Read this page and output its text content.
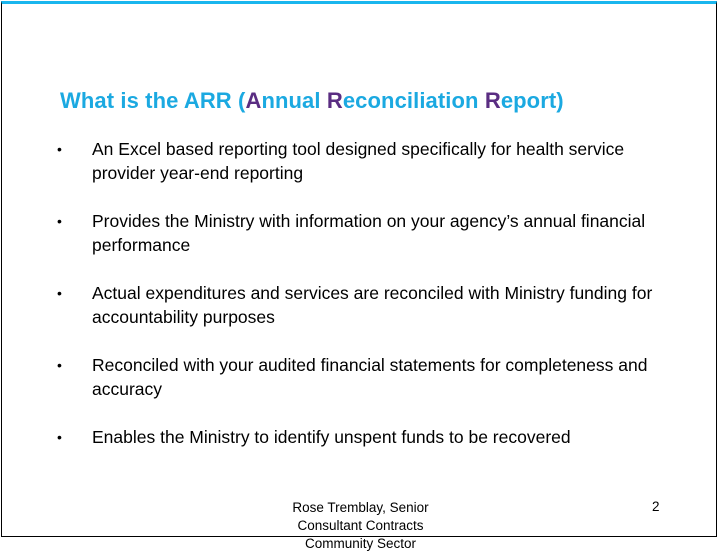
What is the ARR (Annual Reconciliation Report)
• An Excel based reporting tool designed specifically for health service provider year-end reporting
• Provides the Ministry with information on your agency’s annual financial performance
• Actual expenditures and services are reconciled with Ministry funding for accountability purposes
• Reconciled with your audited financial statements for completeness and accuracy
• Enables the Ministry to identify unspent funds to be recovered
Rose Tremblay, Senior Consultant Contracts Community Sector
2
